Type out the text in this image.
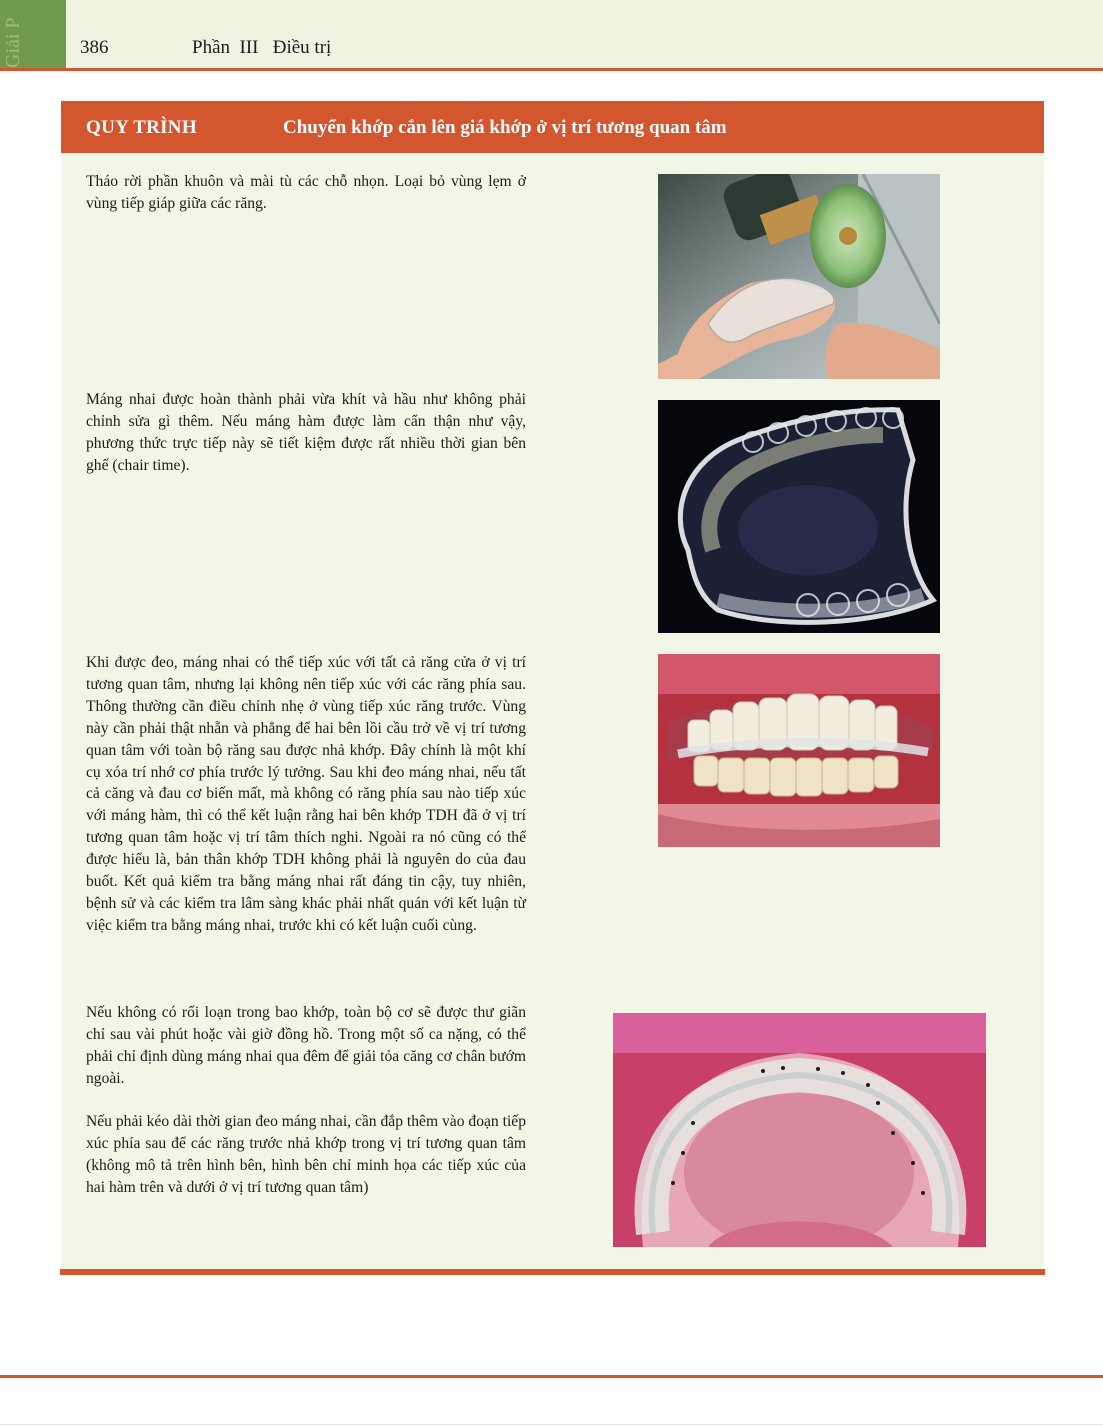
Giải P	386	Phần  III   Điều trị
QUY TRÌNH	Chuyển khớp cắn lên giá khớp ở vị trí tương quan tâm

Tháo rời phần khuôn và mài tù các chỗ nhọn. Loại bỏ vùng lẹm ở vùng tiếp giáp giữa các răng.

Máng nhai được hoàn thành phải vừa khít và hầu như không phải chỉnh sửa gì thêm. Nếu máng hàm được làm cẩn thận như vậy, phương thức trực tiếp này sẽ tiết kiệm được rất nhiều thời gian bên ghế (chair time).

Khi được đeo, máng nhai có thể tiếp xúc với tất cả răng cửa ở vị trí tương quan tâm, nhưng lại không nên tiếp xúc với các răng phía sau. Thông thường cần điều chỉnh nhẹ ở vùng tiếp xúc răng trước. Vùng này cần phải thật nhẵn và phẳng để hai bên lồi cầu trở về vị trí tương quan tâm với toàn bộ răng sau được nhả khớp. Đây chính là một khí cụ xóa trí nhớ cơ phía trước lý tưởng. Sau khi đeo máng nhai, nếu tất cả căng và đau cơ biến mất, mà không có răng phía sau nào tiếp xúc với máng hàm, thì có thể kết luận rằng hai bên khớp TDH đã ở vị trí tương quan tâm hoặc vị trí tâm thích nghi. Ngoài ra nó cũng có thể được hiểu là, bản thân khớp TDH không phải là nguyên do của đau buốt. Kết quả kiểm tra bằng máng nhai rất đáng tin cậy, tuy nhiên, bệnh sử và các kiểm tra lâm sàng khác phải nhất quán với kết luận từ việc kiểm tra bằng máng nhai, trước khi có kết luận cuối cùng.

Nếu không có rối loạn trong bao khớp, toàn bộ cơ sẽ được thư giãn chỉ sau vài phút hoặc vài giờ đồng hồ. Trong một số ca nặng, có thể phải chỉ định dùng máng nhai qua đêm để giải tỏa căng cơ chân bướm ngoài.

Nếu phải kéo dài thời gian đeo máng nhai, cần đắp thêm vào đoạn tiếp xúc phía sau để các răng trước nhả khớp trong vị trí tương quan tâm (không mô tả trên hình bên, hình bên chỉ minh họa các tiếp xúc của hai hàm trên và dưới ở vị trí tương quan tâm)
